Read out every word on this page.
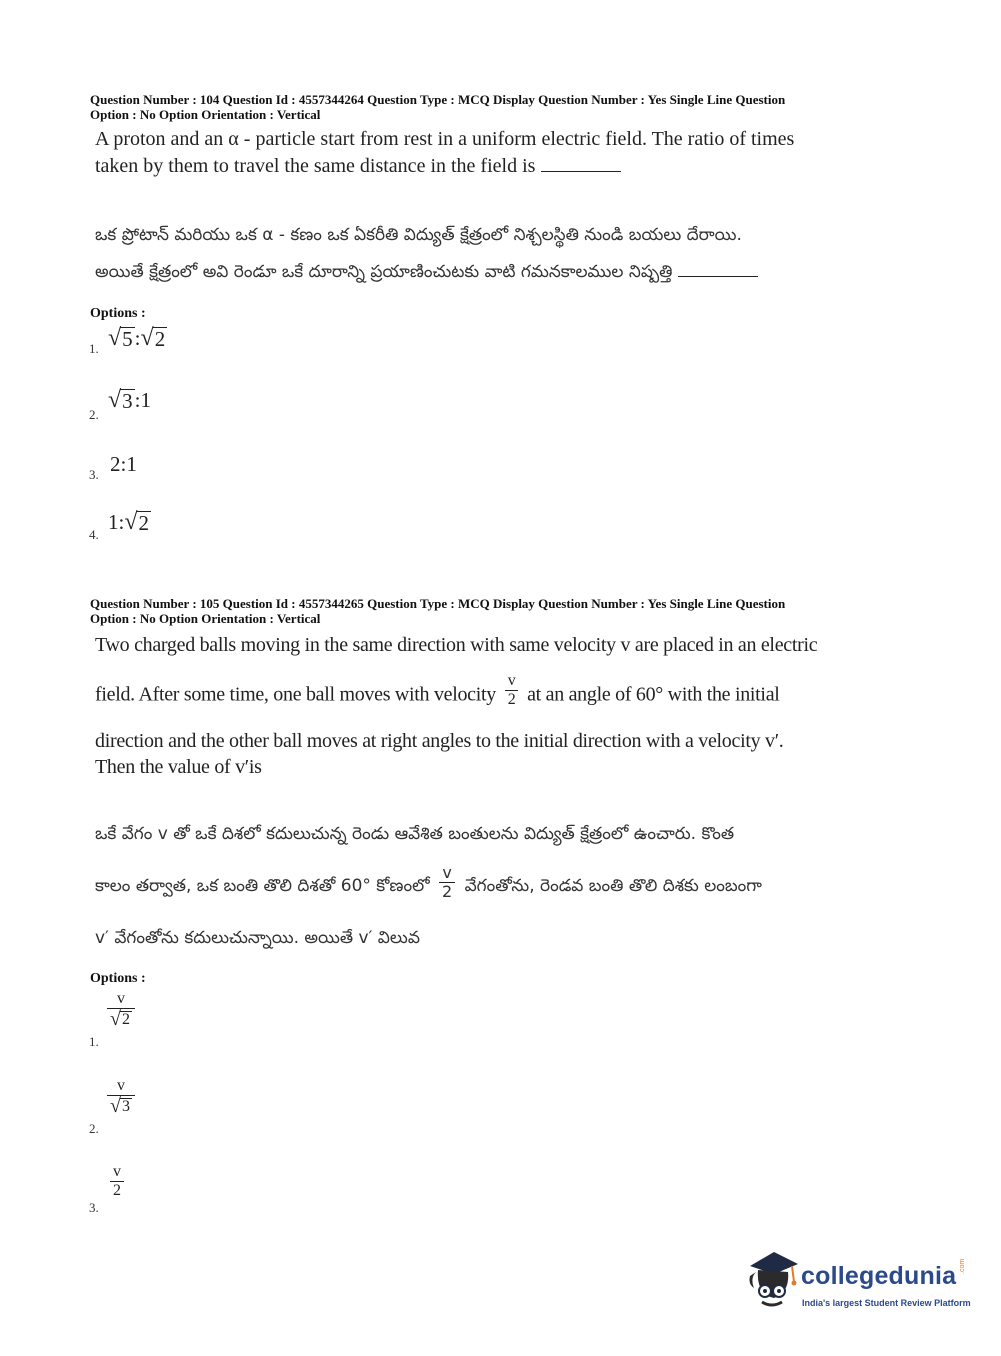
Question Number : 104 Question Id : 4557344264 Question Type : MCQ Display Question Number : Yes Single Line Question
Option : No Option Orientation : Vertical
A proton and an α - particle start from rest in a uniform electric field. The ratio of times
taken by them to travel the same distance in the field is
ఒక ప్రోటాన్ మరియు ఒక α - కణం ఒక ఏకరీతి విద్యుత్ క్షేత్రంలో నిశ్చలస్థితి నుండి బయలు దేరాయి.
అయితే క్షేత్రంలో అవి రెండూ ఒకే దూరాన్ని ప్రయాణించుటకు వాటి గమనకాలముల నిష్పత్తి
Options :
1. √ 5 : √ 2
2.
√ 3 :1
3. 2:1
4.
1: √ 2
Question Number : 105 Question Id : 4557344265 Question Type : MCQ Display Question Number : Yes Single Line Question
Option : No Option Orientation : Vertical
Two charged balls moving in the same direction with same velocity v are placed in an electric
field. After some time, one ball moves with velocity $\frac{v}{2}$ at an angle of 60° with the initial
direction and the other ball moves at right angles to the initial direction with a velocity v′.
Then the value of v′is
ఒకే వేగం v తో ఒకే దిశలో కదులుచున్న రెండు ఆవేశిత బంతులను విద్యుత్ క్షేత్రంలో ఉంచారు. కొంత
కాలం తర్వాత, ఒక బంతి తొలి దిశతో 60° కోణంలో $\frac{v}{2}$ వేగంతోను, రెండవ బంతి తొలి దిశకు లంబంగా
v′ వేగంతోను కదులుచున్నాయి. అయితే v′ విలువ
Options :
1.
$\frac{v}{√ 2}$
2.
$\frac{v}{√ 3}$
3.
$\frac{v}{2}$
collegedunia .com
India's largest Student Review Platform
